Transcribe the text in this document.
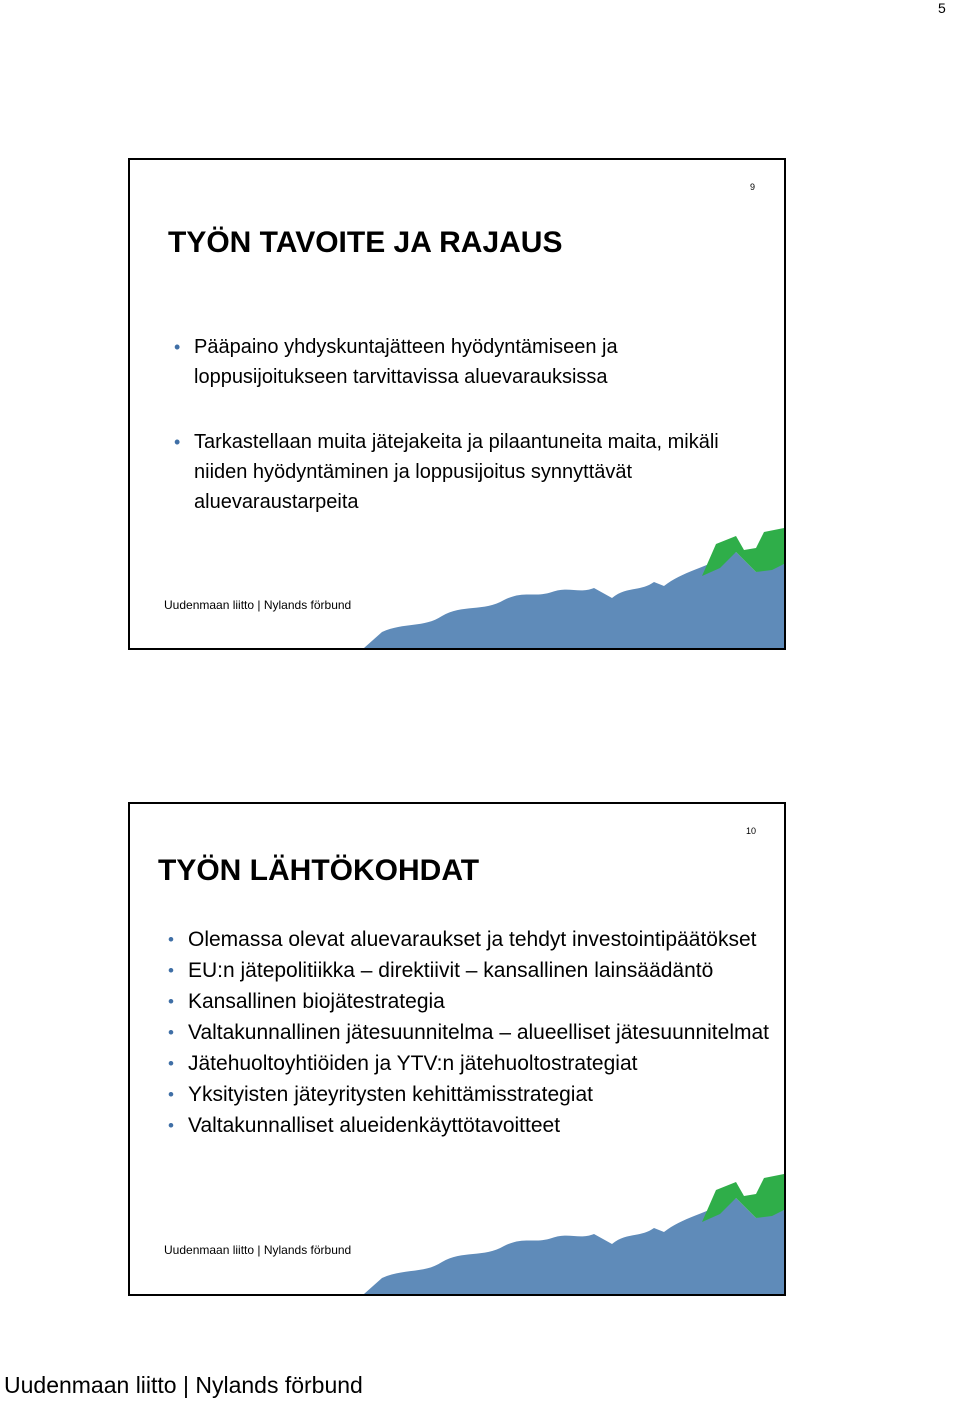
5
9
TYÖN TAVOITE JA RAJAUS
• Pääpaino yhdyskuntajätteen hyödyntämiseen ja loppusijoitukseen tarvittavissa aluevarauksissa
• Tarkastellaan muita jätejakeita ja pilaantuneita maita, mikäli niiden hyödyntäminen ja loppusijoitus synnyttävät aluevaraustarpeita
Uudenmaan liitto | Nylands förbund
10
TYÖN LÄHTÖKOHDAT
• Olemassa olevat aluevaraukset ja tehdyt investointipäätökset
• EU:n jätepolitiikka – direktiivit – kansallinen lainsäädäntö
• Kansallinen biojätestrategia
• Valtakunnallinen jätesuunnitelma – alueelliset jätesuunnitelmat
• Jätehuoltoyhtiöiden ja YTV:n jätehuoltostrategiat
• Yksityisten jäteyritysten kehittämisstrategiat
• Valtakunnalliset alueidenkäyttötavoitteet
Uudenmaan liitto | Nylands förbund
Uudenmaan liitto | Nylands förbund
